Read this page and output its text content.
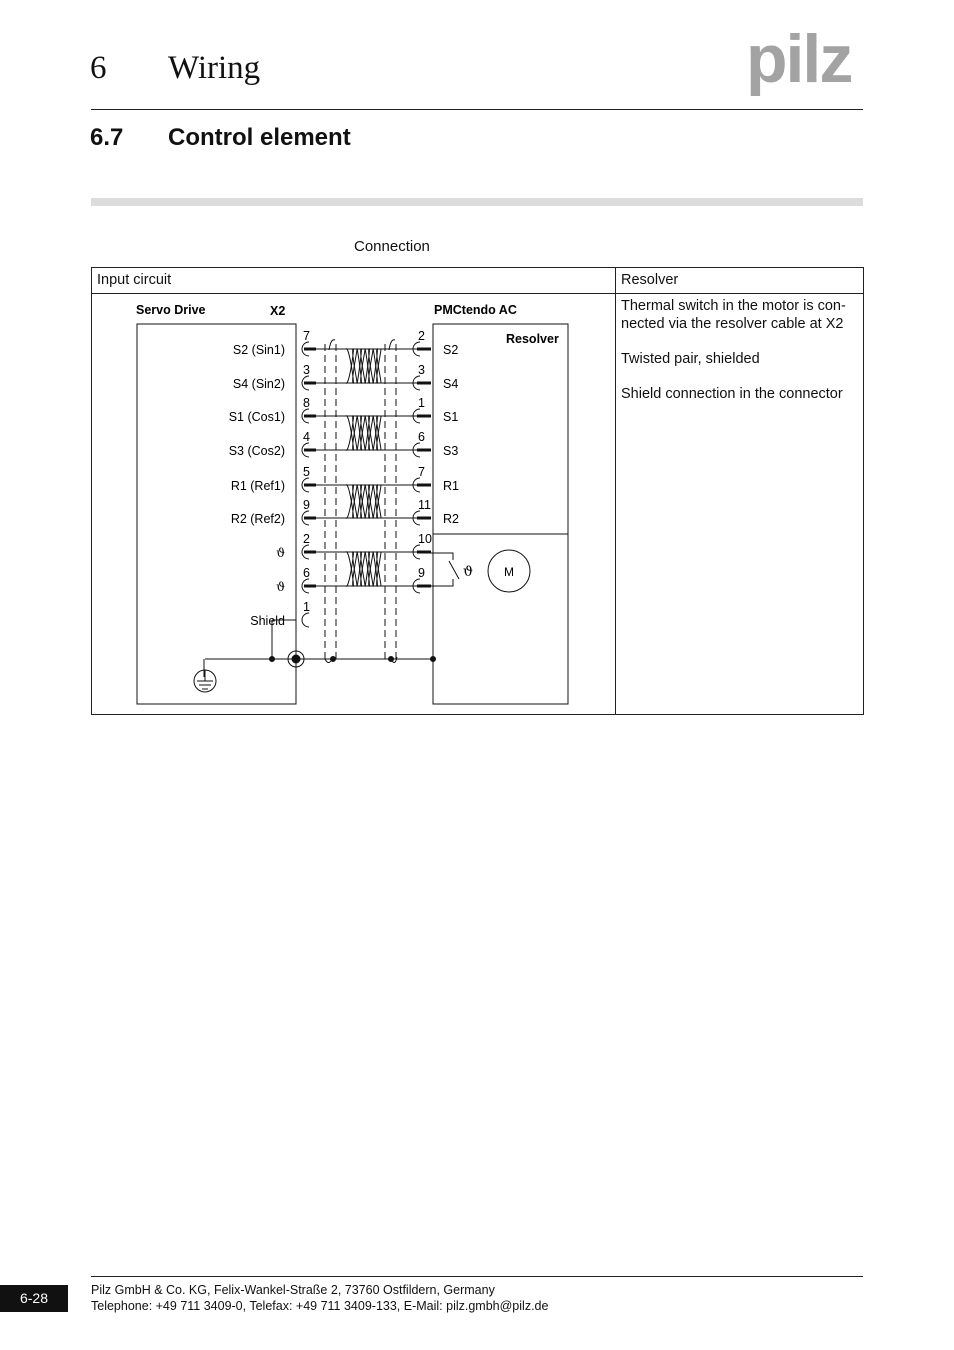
6 Wiring	pilz
6.7 Control element
Connection
Input circuit	Resolver
Thermal switch in the motor is con-nected via the resolver cable at X2
Twisted pair, shielded
Shield connection in the connector
Servo Drive	X2	PMCtendo AC
Resolver
S2 (Sin1)
7
S4 (Sin2)
3
S1 (Cos1)
8
S3 (Cos2)
4
R1 (Ref1)
5
R2 (Ref2)
9
ϑ
2
ϑ
6
Shield
1
S2
2
S4
3
S1
1
S3
6
R1
7
R2
11
10
9	M
ϑ
6-28	Pilz GmbH & Co. KG, Felix-Wankel-Straße 2, 73760 Ostfildern, Germany
Telephone: +49 711 3409-0, Telefax: +49 711 3409-133, E-Mail: pilz.gmbh@pilz.de
